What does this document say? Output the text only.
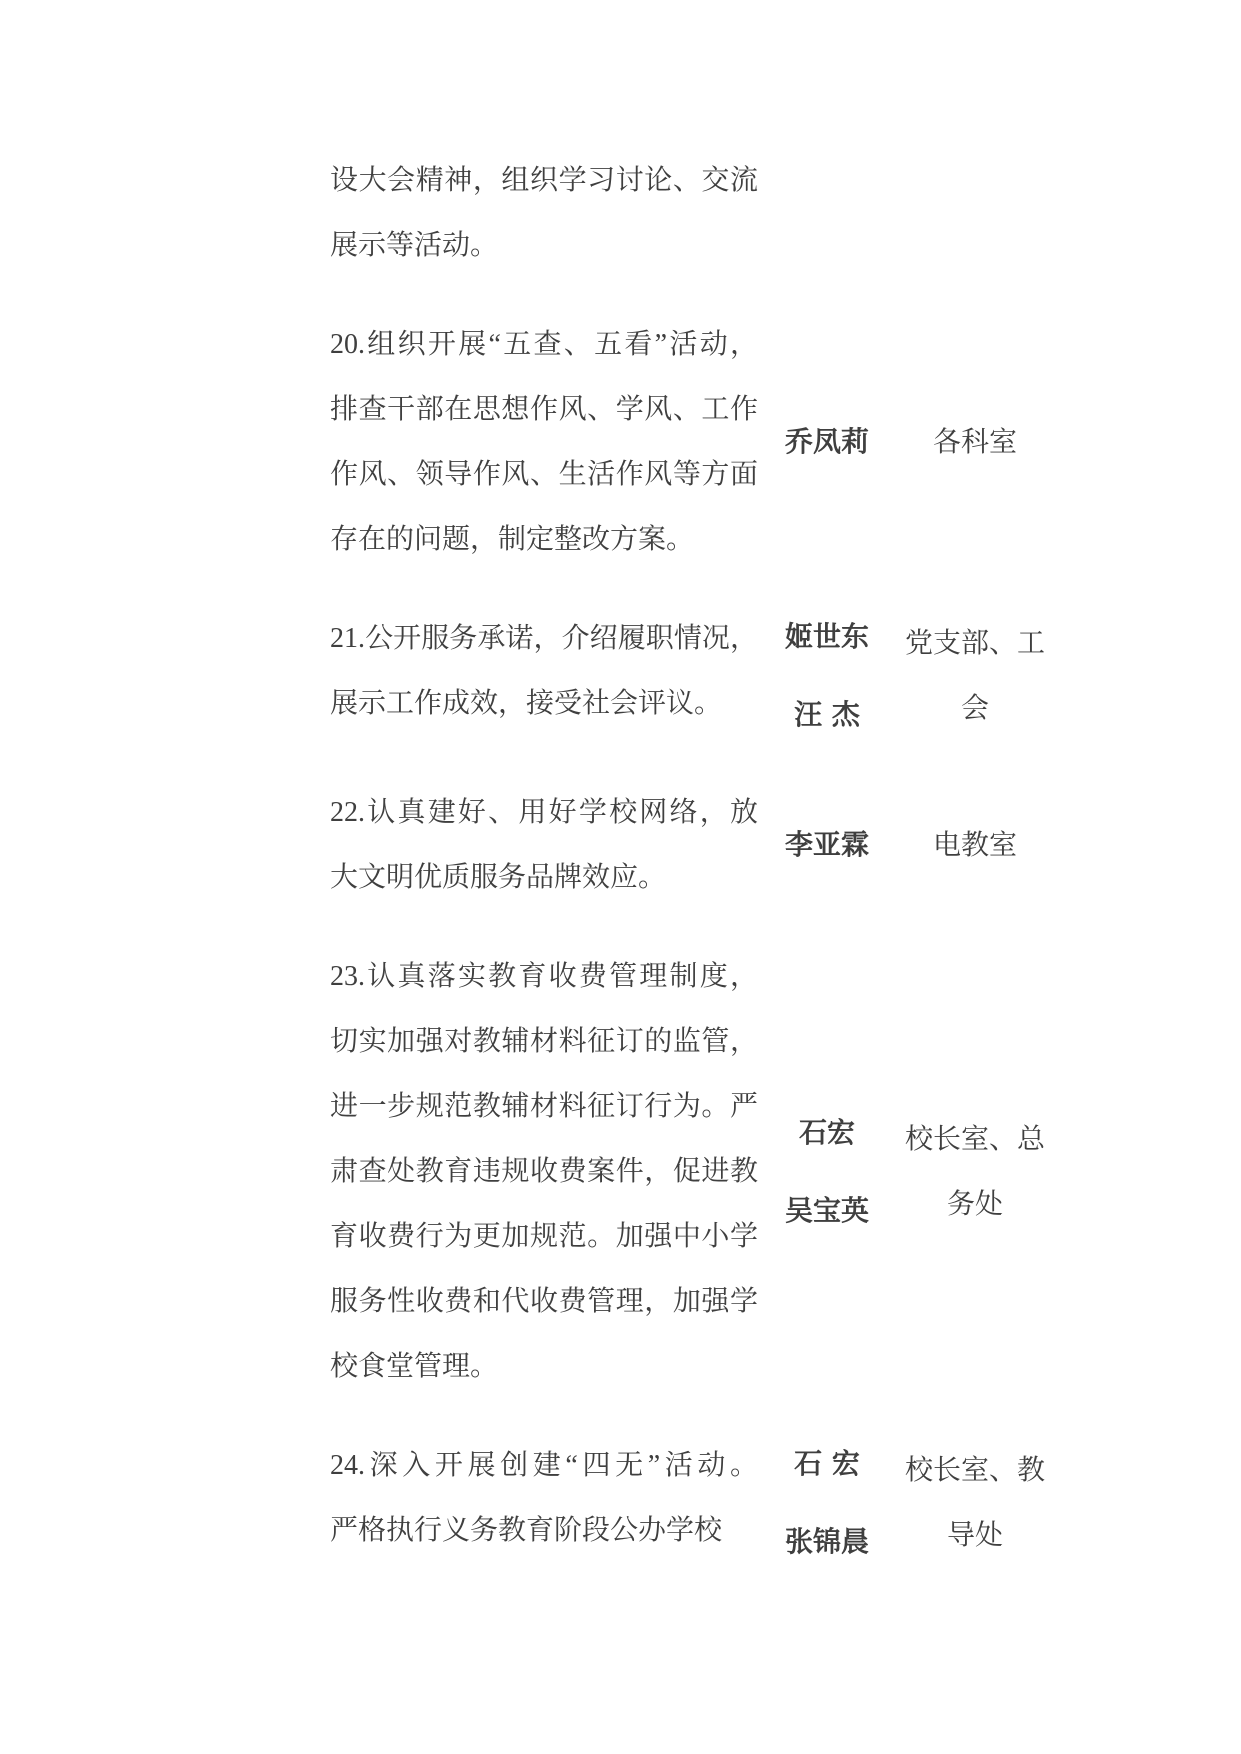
设大会精神，组织学习讨论、交流
展示等活动。
20.组织开展“五查、五看”活动，
排查干部在思想作风、学风、工作
作风、领导作风、生活作风等方面
存在的问题，制定整改方案。
乔凤莉	各科室
21.公开服务承诺，介绍履职情况，
展示工作成效，接受社会评议。
姬世东
汪 杰
党支部、工会
22.认真建好、用好学校网络，放
大文明优质服务品牌效应。
李亚霖	电教室
23.认真落实教育收费管理制度，
切实加强对教辅材料征订的监管，
进一步规范教辅材料征订行为。严
肃查处教育违规收费案件，促进教
育收费行为更加规范。加强中小学
服务性收费和代收费管理，加强学
校食堂管理。
石宏
吴宝英
校长室、总务处
24.深入开展创建“四无”活动。
严格执行义务教育阶段公办学校
石 宏
张锦晨
校长室、教导处
